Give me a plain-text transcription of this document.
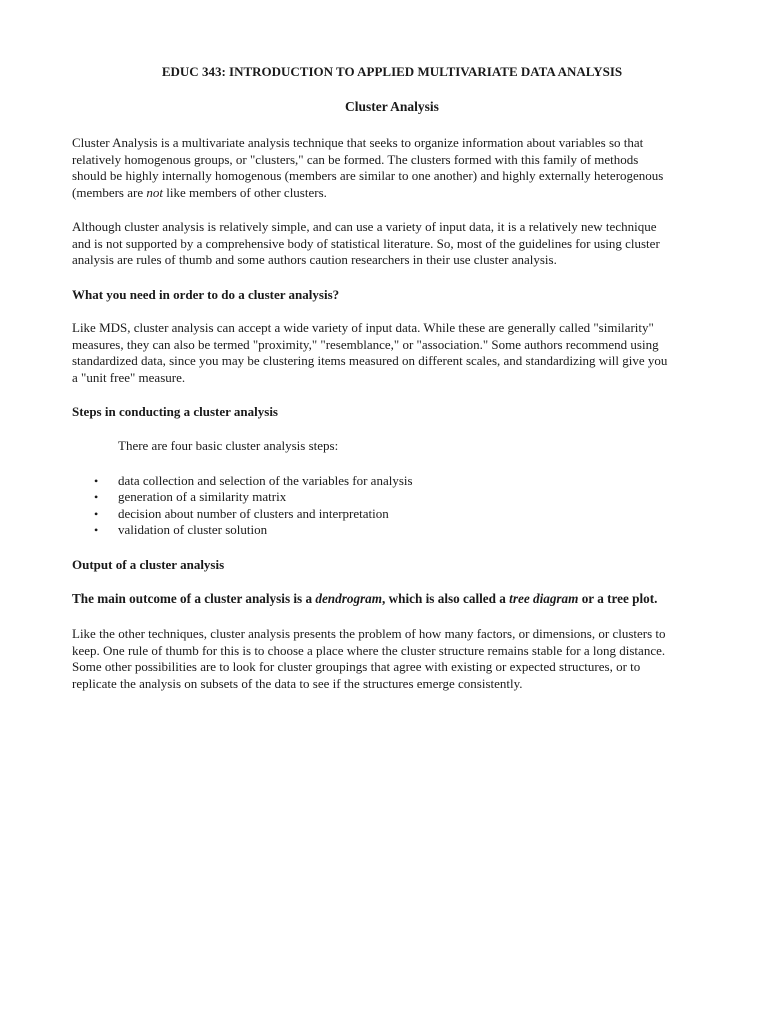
EDUC 343: INTRODUCTION TO APPLIED MULTIVARIATE DATA ANALYSIS
Cluster Analysis

Cluster Analysis is a multivariate analysis technique that seeks to organize information about variables so that
relatively homogenous groups, or "clusters," can be formed. The clusters formed with this family of methods
should be highly internally homogenous (members are similar to one another) and highly externally heterogenous
(members are not like members of other clusters.

Although cluster analysis is relatively simple, and can use a variety of input data, it is a relatively new technique
and is not supported by a comprehensive body of statistical literature. So, most of the guidelines for using cluster
analysis are rules of thumb and some authors caution researchers in their use cluster analysis.

What you need in order to do a cluster analysis?

Like MDS, cluster analysis can accept a wide variety of input data. While these are generally called "similarity"
measures, they can also be termed "proximity," "resemblance," or "association." Some authors recommend using
standardized data, since you may be clustering items measured on different scales, and standardizing will give you
a "unit free" measure.

Steps in conducting a cluster analysis
There are four basic cluster analysis steps:
• data collection and selection of the variables for analysis
• generation of a similarity matrix
• decision about number of clusters and interpretation
• validation of cluster solution
Output of a cluster analysis
The main outcome of a cluster analysis is a dendrogram, which is also called a tree diagram or a tree plot.

Like the other techniques, cluster analysis presents the problem of how many factors, or dimensions, or clusters to
keep. One rule of thumb for this is to choose a place where the cluster structure remains stable for a long distance.
Some other possibilities are to look for cluster groupings that agree with existing or expected structures, or to
replicate the analysis on subsets of the data to see if the structures emerge consistently.
